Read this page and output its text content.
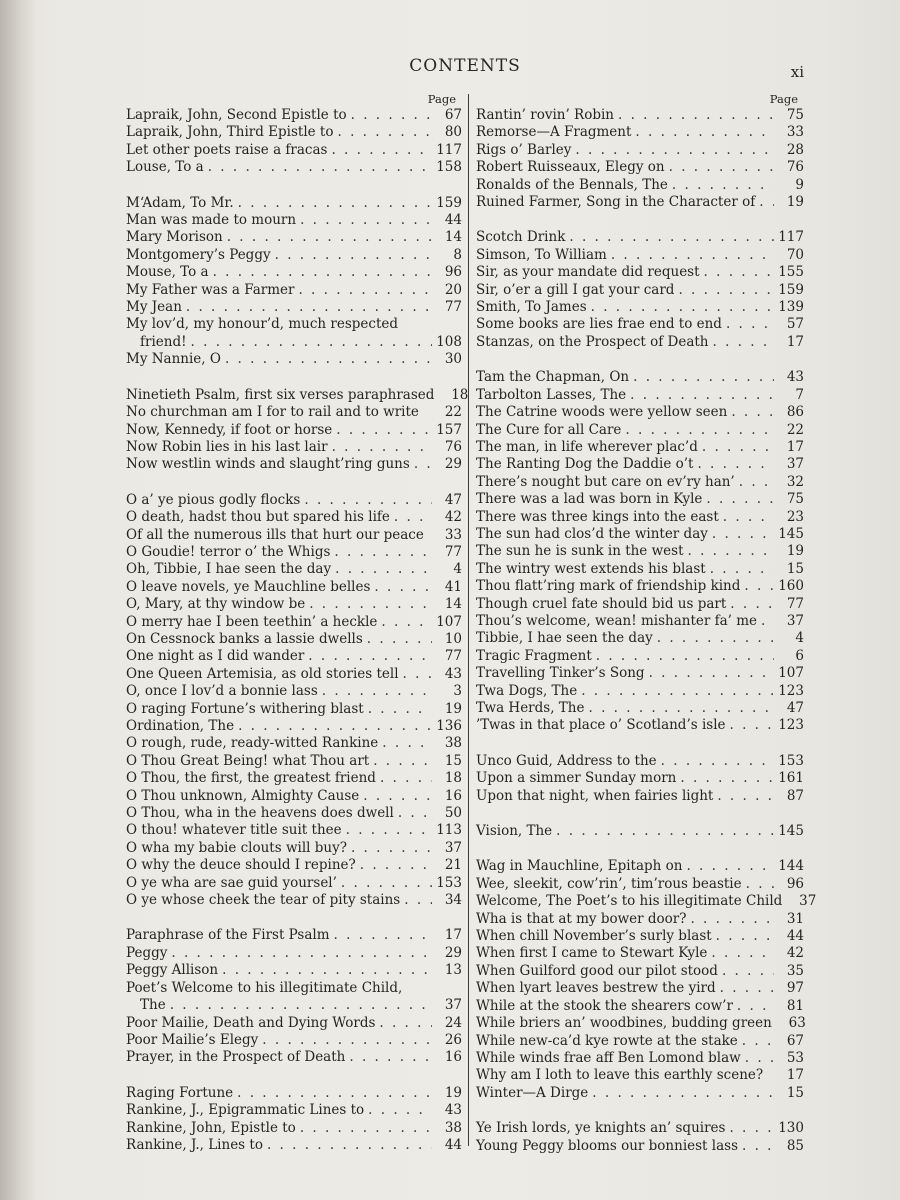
CONTENTS	xi
Page
Lapraik, John, Second Epistle to . . .	67
Lapraik, John, Third Epistle to . . .	80
Let other poets raise a fracas . . .	117
Louse, To a . . .	158
M‘Adam, To Mr. . . .	159
Man was made to mourn . . .	44
Mary Morison . . .	14
Montgomery’s Peggy . . .	8
Mouse, To a . . .	96
My Father was a Farmer . . .	20
My Jean . . .	77
My lov’d, my honour’d, much respected
friend! . . .	108
My Nannie, O . . .	30
Ninetieth Psalm, first six verses paraphrased	18
No churchman am I for to rail and to write	22
Now, Kennedy, if foot or horse . . .	157
Now Robin lies in his last lair . . .	76
Now westlin winds and slaught’ring guns . . .	29
O a’ ye pious godly flocks . . .	47
O death, hadst thou but spared his life . . .	42
Of all the numerous ills that hurt our peace	33
O Goudie! terror o’ the Whigs . . .	77
Oh, Tibbie, I hae seen the day . . .	4
O leave novels, ye Mauchline belles . . .	41
O, Mary, at thy window be . . .	14
O merry hae I been teethin’ a heckle . . .	107
On Cessnock banks a lassie dwells . . .	10
One night as I did wander . . .	77
One Queen Artemisia, as old stories tell . . .	43
O, once I lov’d a bonnie lass . . .	3
O raging Fortune’s withering blast . . .	19
Ordination, The . . .	136
O rough, rude, ready-witted Rankine . . .	38
O Thou Great Being! what Thou art . . .	15
O Thou, the first, the greatest friend . . .	18
O Thou unknown, Almighty Cause . . .	16
O Thou, wha in the heavens does dwell . . .	50
O thou! whatever title suit thee . . .	113
O wha my babie clouts will buy? . . .	37
O why the deuce should I repine? . . .	21
O ye wha are sae guid yoursel’ . . .	153
O ye whose cheek the tear of pity stains . . .	34
Paraphrase of the First Psalm . . .	17
Peggy . . .	29
Peggy Allison . . .	13
Poet’s Welcome to his illegitimate Child,
The . . .	37
Poor Mailie, Death and Dying Words . . .	24
Poor Mailie’s Elegy . . .	26
Prayer, in the Prospect of Death . . .	16
Raging Fortune . . .	19
Rankine, J., Epigrammatic Lines to . . .	43
Rankine, John, Epistle to . . .	38
Rankine, J., Lines to . . .	44
Page
Rantin’ rovin’ Robin . . .	75
Remorse—A Fragment . . .	33
Rigs o’ Barley . . .	28
Robert Ruisseaux, Elegy on . . .	76
Ronalds of the Bennals, The . . .	9
Ruined Farmer, Song in the Character of . . .	19
Scotch Drink . . .	117
Simson, To William . . .	70
Sir, as your mandate did request . . .	155
Sir, o’er a gill I gat your card . . .	159
Smith, To James . . .	139
Some books are lies frae end to end . . .	57
Stanzas, on the Prospect of Death . . .	17
Tam the Chapman, On . . .	43
Tarbolton Lasses, The . . .	7
The Catrine woods were yellow seen . . .	86
The Cure for all Care . . .	22
The man, in life wherever plac’d . . .	17
The Ranting Dog the Daddie o’t . . .	37
There’s nought but care on ev’ry han’ . . .	32
There was a lad was born in Kyle . . .	75
There was three kings into the east . . .	23
The sun had clos’d the winter day . . .	145
The sun he is sunk in the west . . .	19
The wintry west extends his blast . . .	15
Thou flatt’ring mark of friendship kind . . .	160
Though cruel fate should bid us part . . .	77
Thou’s welcome, wean! mishanter fa’ me . . .	37
Tibbie, I hae seen the day . . .	4
Tragic Fragment . . .	6
Travelling Tinker’s Song . . .	107
Twa Dogs, The . . .	123
Twa Herds, The . . .	47
’Twas in that place o’ Scotland’s isle . . .	123
Unco Guid, Address to the . . .	153
Upon a simmer Sunday morn . . .	161
Upon that night, when fairies light . . .	87
Vision, The . . .	145
Wag in Mauchline, Epitaph on . . .	144
Wee, sleekit, cow’rin’, tim’rous beastie . . .	96
Welcome, The Poet’s to his illegitimate Child	37
Wha is that at my bower door? . . .	31
When chill November’s surly blast . . .	44
When first I came to Stewart Kyle . . .	42
When Guilford good our pilot stood . . .	35
When lyart leaves bestrew the yird . . .	97
While at the stook the shearers cow’r . . .	81
While briers an’ woodbines, budding green . . .	63
While new-ca’d kye rowte at the stake . . .	67
While winds frae aff Ben Lomond blaw . . .	53
Why am I loth to leave this earthly scene?	17
Winter—A Dirge . . .	15
Ye Irish lords, ye knights an’ squires . . .	130
Young Peggy blooms our bonniest lass . . .	85
